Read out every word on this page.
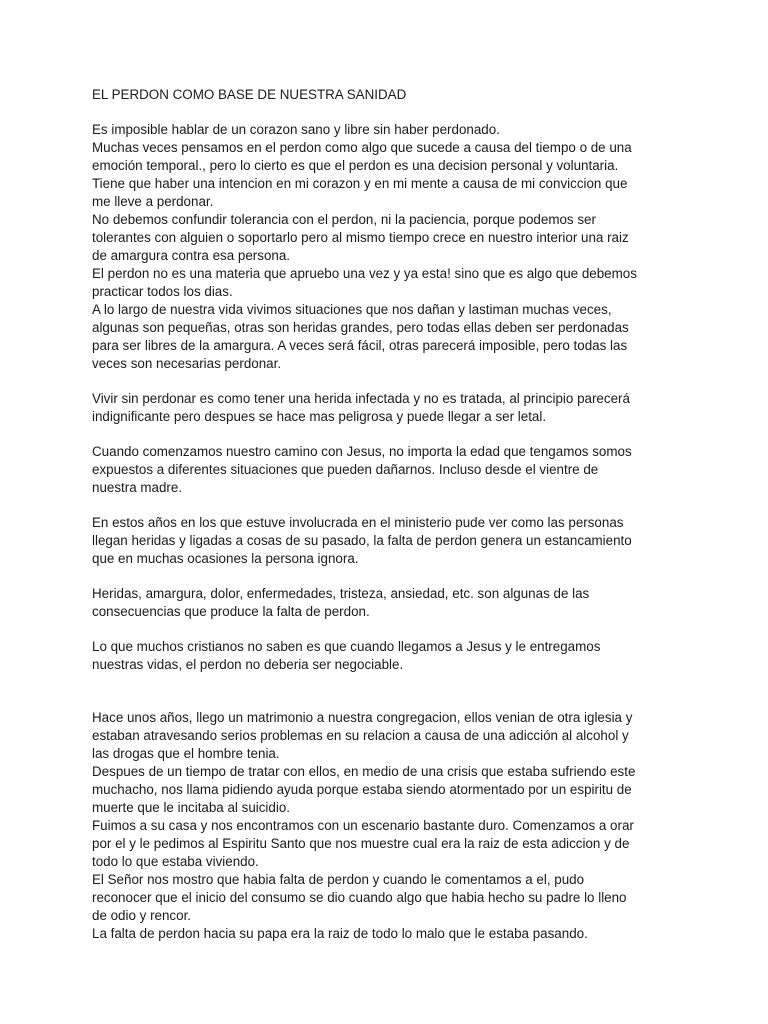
EL PERDON COMO BASE DE NUESTRA SANIDAD
Es imposible hablar de un corazon sano y libre sin haber perdonado.
Muchas veces pensamos en el perdon como algo que sucede a causa del tiempo o de una
emoción temporal., pero lo cierto es que el perdon es una decision personal y voluntaria.
Tiene que haber una intencion en mi corazon y en mi mente a causa de mi conviccion que
me lleve a perdonar.
No debemos confundir tolerancia con el perdon, ni la paciencia, porque podemos ser
tolerantes con alguien o soportarlo pero al mismo tiempo crece en nuestro interior una raiz
de amargura contra esa persona.
El perdon no es una materia que apruebo una vez y ya esta! sino que es algo que debemos
practicar todos los dias.
A lo largo de nuestra vida vivimos situaciones que nos dañan y lastiman muchas veces,
algunas son pequeñas, otras son heridas grandes, pero todas ellas deben ser perdonadas
para ser libres de la amargura. A veces será fácil, otras parecerá imposible, pero todas las
veces son necesarias perdonar.
Vivir sin perdonar es como tener una herida infectada y no es tratada, al principio parecerá
indignificante pero despues se hace mas peligrosa y puede llegar a ser letal.
Cuando comenzamos nuestro camino con Jesus, no importa la edad que tengamos somos
expuestos a diferentes situaciones que pueden dañarnos. Incluso desde el vientre de
nuestra madre.
En estos años en los que estuve involucrada en el ministerio pude ver como las personas
llegan heridas y ligadas a cosas de su pasado, la falta de perdon genera un estancamiento
que en muchas ocasiones la persona ignora.
Heridas, amargura, dolor, enfermedades, tristeza, ansiedad, etc. son algunas de las
consecuencias que produce la falta de perdon.
Lo que muchos cristianos no saben es que cuando llegamos a Jesus y le entregamos
nuestras vidas, el perdon no deberia ser negociable.
Hace unos años, llego un matrimonio a nuestra congregacion, ellos venian de otra iglesia y
estaban atravesando serios problemas en su relacion a causa de una adicción al alcohol y
las drogas que el hombre tenia.
Despues de un tiempo de tratar con ellos, en medio de una crisis que estaba sufriendo este
muchacho, nos llama pidiendo ayuda porque estaba siendo atormentado por un espiritu de
muerte que le incitaba al suicidio.
Fuimos a su casa y nos encontramos con un escenario bastante duro. Comenzamos a orar
por el y le pedimos al Espiritu Santo que nos muestre cual era la raiz de esta adiccion y de
todo lo que estaba viviendo.
El Señor nos mostro que habia falta de perdon y cuando le comentamos a el, pudo
reconocer que el inicio del consumo se dio cuando algo que habia hecho su padre lo lleno
de odio y rencor.
La falta de perdon hacia su papa era la raiz de todo lo malo que le estaba pasando.
